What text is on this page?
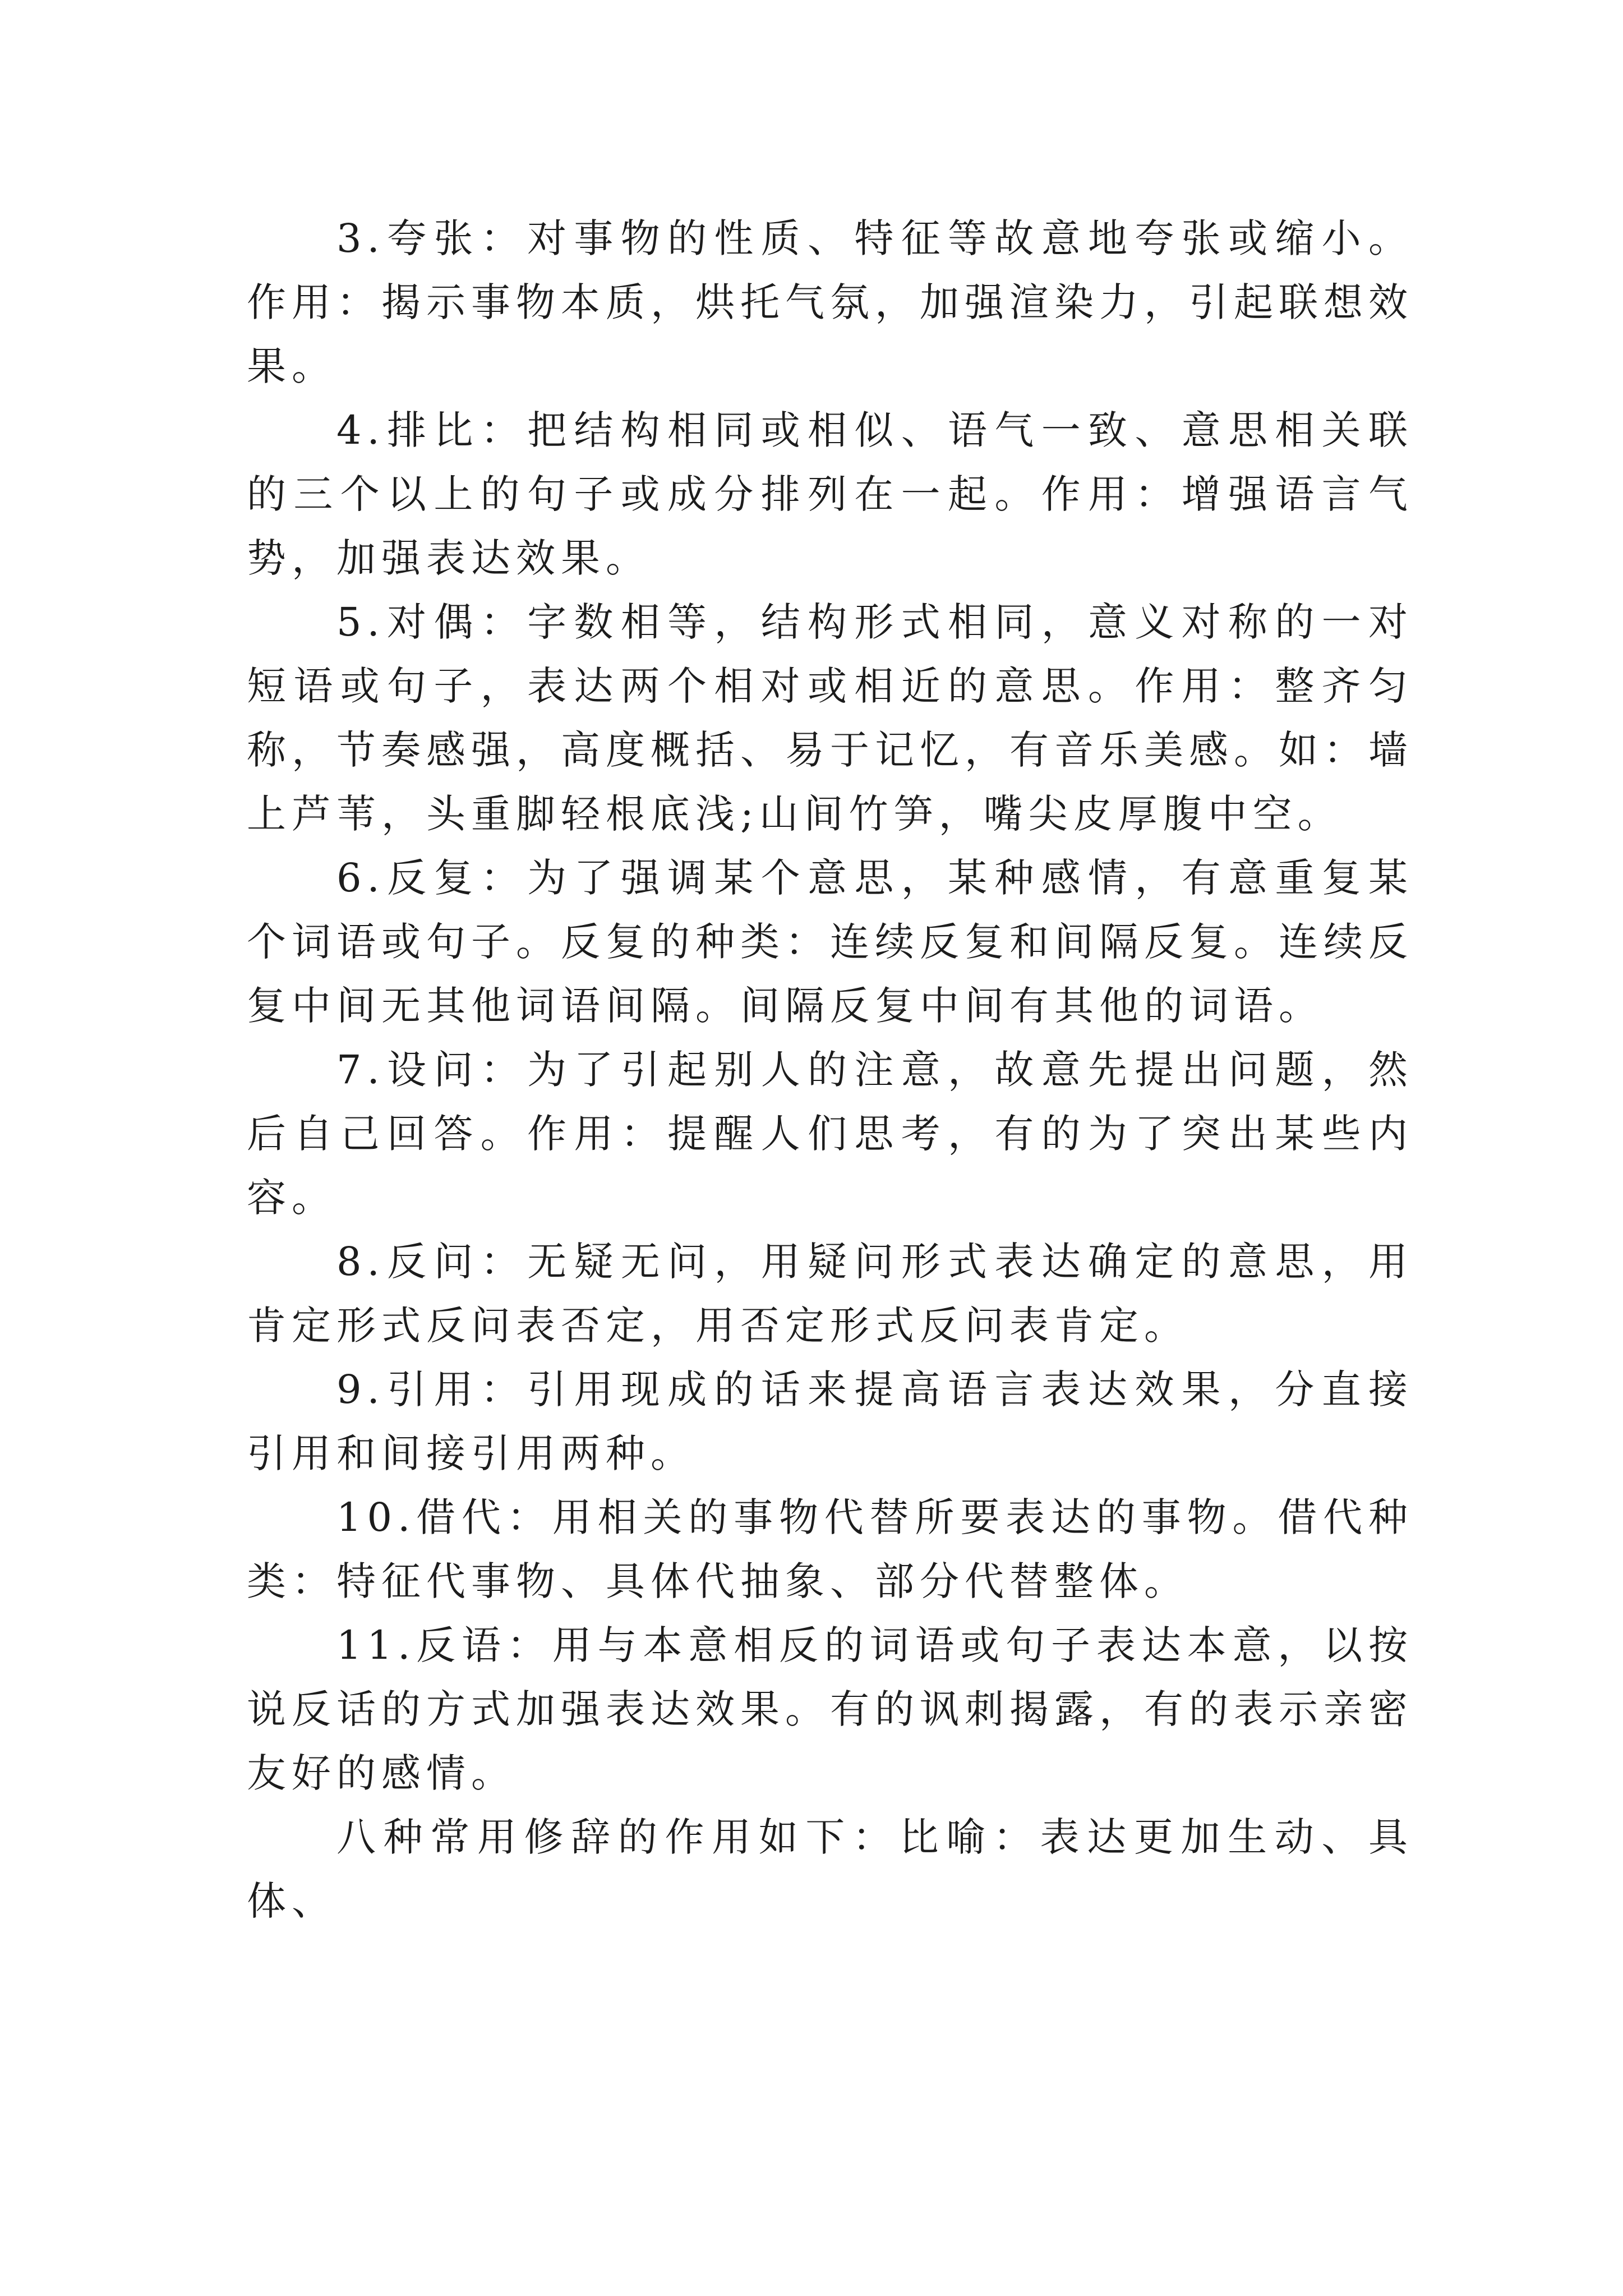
3.夸张：对事物的性质、特征等故意地夸张或缩小。作用：揭示事物本质，烘托气氛，加强渲染力，引起联想效果。

4.排比：把结构相同或相似、语气一致、意思相关联的三个以上的句子或成分排列在一起。作用：增强语言气势，加强表达效果。

5.对偶：字数相等，结构形式相同，意义对称的一对短语或句子，表达两个相对或相近的意思。作用：整齐匀称，节奏感强，高度概括、易于记忆，有音乐美感。如：墙上芦苇，头重脚轻根底浅;山间竹笋，嘴尖皮厚腹中空。

6.反复：为了强调某个意思，某种感情，有意重复某个词语或句子。反复的种类：连续反复和间隔反复。连续反复中间无其他词语间隔。间隔反复中间有其他的词语。

7.设问：为了引起别人的注意，故意先提出问题，然后自己回答。作用：提醒人们思考，有的为了突出某些内容。

8.反问：无疑无问，用疑问形式表达确定的意思，用肯定形式反问表否定，用否定形式反问表肯定。

9.引用：引用现成的话来提高语言表达效果，分直接引用和间接引用两种。

10.借代：用相关的事物代替所要表达的事物。借代种类：特征代事物、具体代抽象、部分代替整体。

11.反语：用与本意相反的词语或句子表达本意，以按说反话的方式加强表达效果。有的讽刺揭露，有的表示亲密友好的感情。

八种常用修辞的作用如下：比喻：表达更加生动、具体、
